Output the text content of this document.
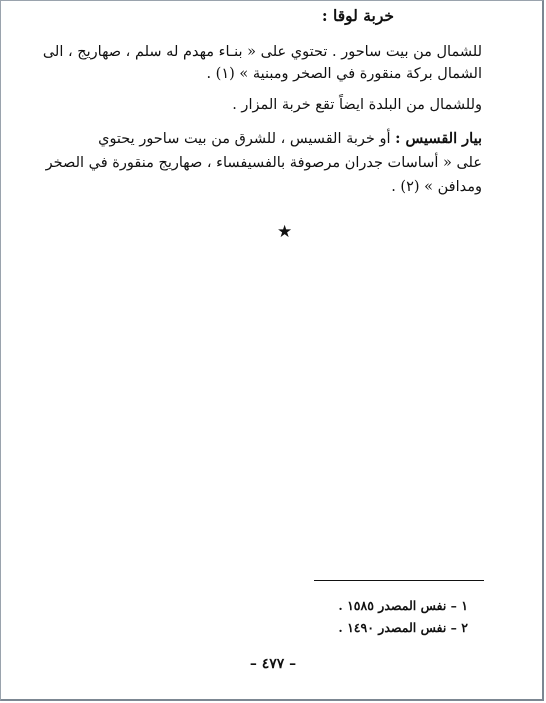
خربة لوقا :
للشمال من بيت ساحور . تحتوي على « بنـاء مهدم له سلم ، صهاريج ، الى
الشمال بركة منقورة في الصخر ومبنية » (١) .
وللشمال من البلدة ايضاً تقع خربة المزار .
بيار القسيس : أو خربة القسيس ، للشرق من بيت ساحور يحتوي
على « أساسات جدران مرصوفة بالفسيفساء ، صهاريج منقورة في الصخر
ومدافن » (٢) .
★
١ – نفس المصدر ١٥٨٥ .
٢ – نفس المصدر ١٤٩٠ .
– ٤٧٧ –
